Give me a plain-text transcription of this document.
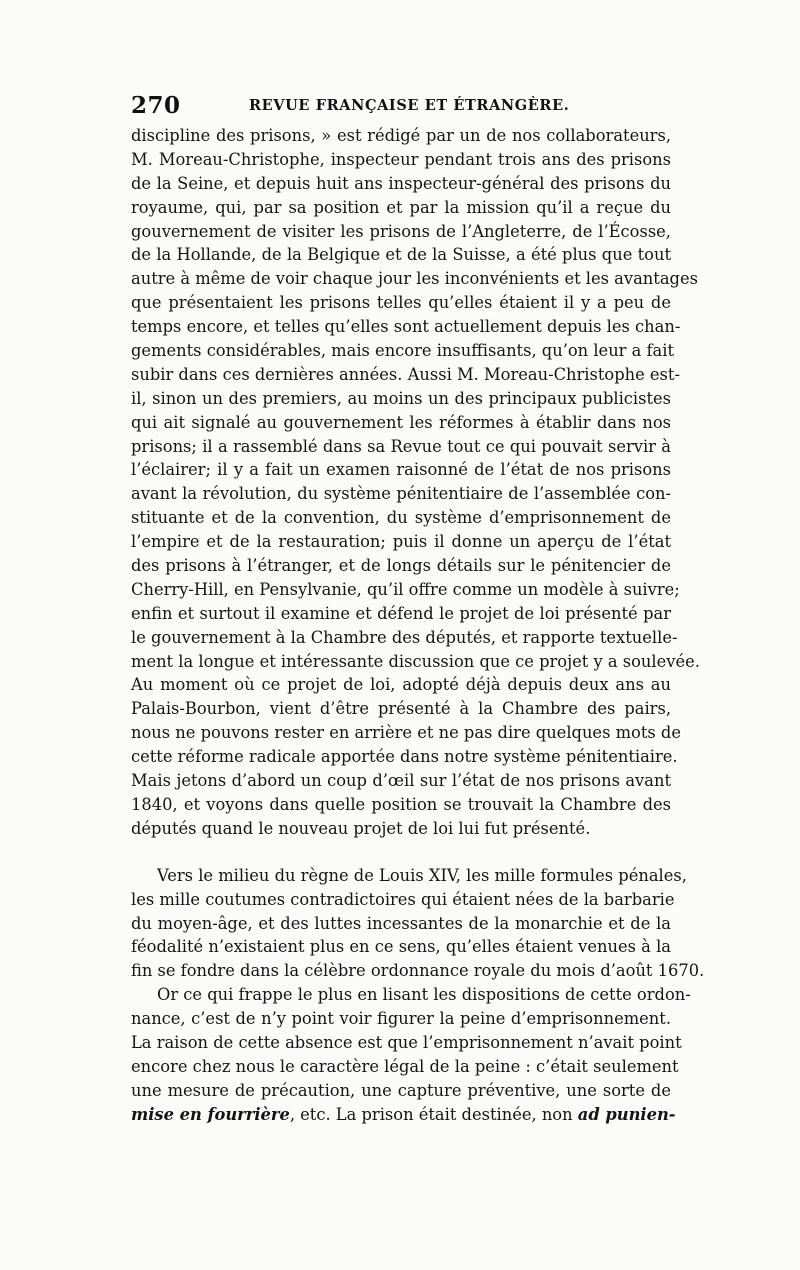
270	REVUE FRANÇAISE ET ÉTRANGÈRE.
discipline des prisons, » est rédigé par un de nos collaborateurs,
M. Moreau-Christophe, inspecteur pendant trois ans des prisons
de la Seine, et depuis huit ans inspecteur-général des prisons du
royaume, qui, par sa position et par la mission qu’il a reçue du
gouvernement de visiter les prisons de l’Angleterre, de l’Écosse,
de la Hollande, de la Belgique et de la Suisse, a été plus que tout
autre à même de voir chaque jour les inconvénients et les avantages
que présentaient les prisons telles qu’elles étaient il y a peu de
temps encore, et telles qu’elles sont actuellement depuis les chan-
gements considérables, mais encore insuffisants, qu’on leur a fait
subir dans ces dernières années. Aussi M. Moreau-Christophe est-
il, sinon un des premiers, au moins un des principaux publicistes
qui ait signalé au gouvernement les réformes à établir dans nos
prisons; il a rassemblé dans sa Revue tout ce qui pouvait servir à
l’éclairer; il y a fait un examen raisonné de l’état de nos prisons
avant la révolution, du système pénitentiaire de l’assemblée con-
stituante et de la convention, du système d’emprisonnement de
l’empire et de la restauration; puis il donne un aperçu de l’état
des prisons à l’étranger, et de longs détails sur le pénitencier de
Cherry-Hill, en Pensylvanie, qu’il offre comme un modèle à suivre;
enfin et surtout il examine et défend le projet de loi présenté par
le gouvernement à la Chambre des députés, et rapporte textuelle-
ment la longue et intéressante discussion que ce projet y a soulevée.
Au moment où ce projet de loi, adopté déjà depuis deux ans au
Palais-Bourbon, vient d’être présenté à la Chambre des pairs,
nous ne pouvons rester en arrière et ne pas dire quelques mots de
cette réforme radicale apportée dans notre système pénitentiaire.
Mais jetons d’abord un coup d’œil sur l’état de nos prisons avant
1840, et voyons dans quelle position se trouvait la Chambre des
députés quand le nouveau projet de loi lui fut présenté.
Vers le milieu du règne de Louis XIV, les mille formules pénales,
les mille coutumes contradictoires qui étaient nées de la barbarie
du moyen-âge, et des luttes incessantes de la monarchie et de la
féodalité n’existaient plus en ce sens, qu’elles étaient venues à la
fin se fondre dans la célèbre ordonnance royale du mois d’août 1670.
Or ce qui frappe le plus en lisant les dispositions de cette ordon-
nance, c’est de n’y point voir figurer la peine d’emprisonnement.
La raison de cette absence est que l’emprisonnement n’avait point
encore chez nous le caractère légal de la peine : c’était seulement
une mesure de précaution, une capture préventive, une sorte de
mise en fourrière, etc. La prison était destinée, non ad punien-
